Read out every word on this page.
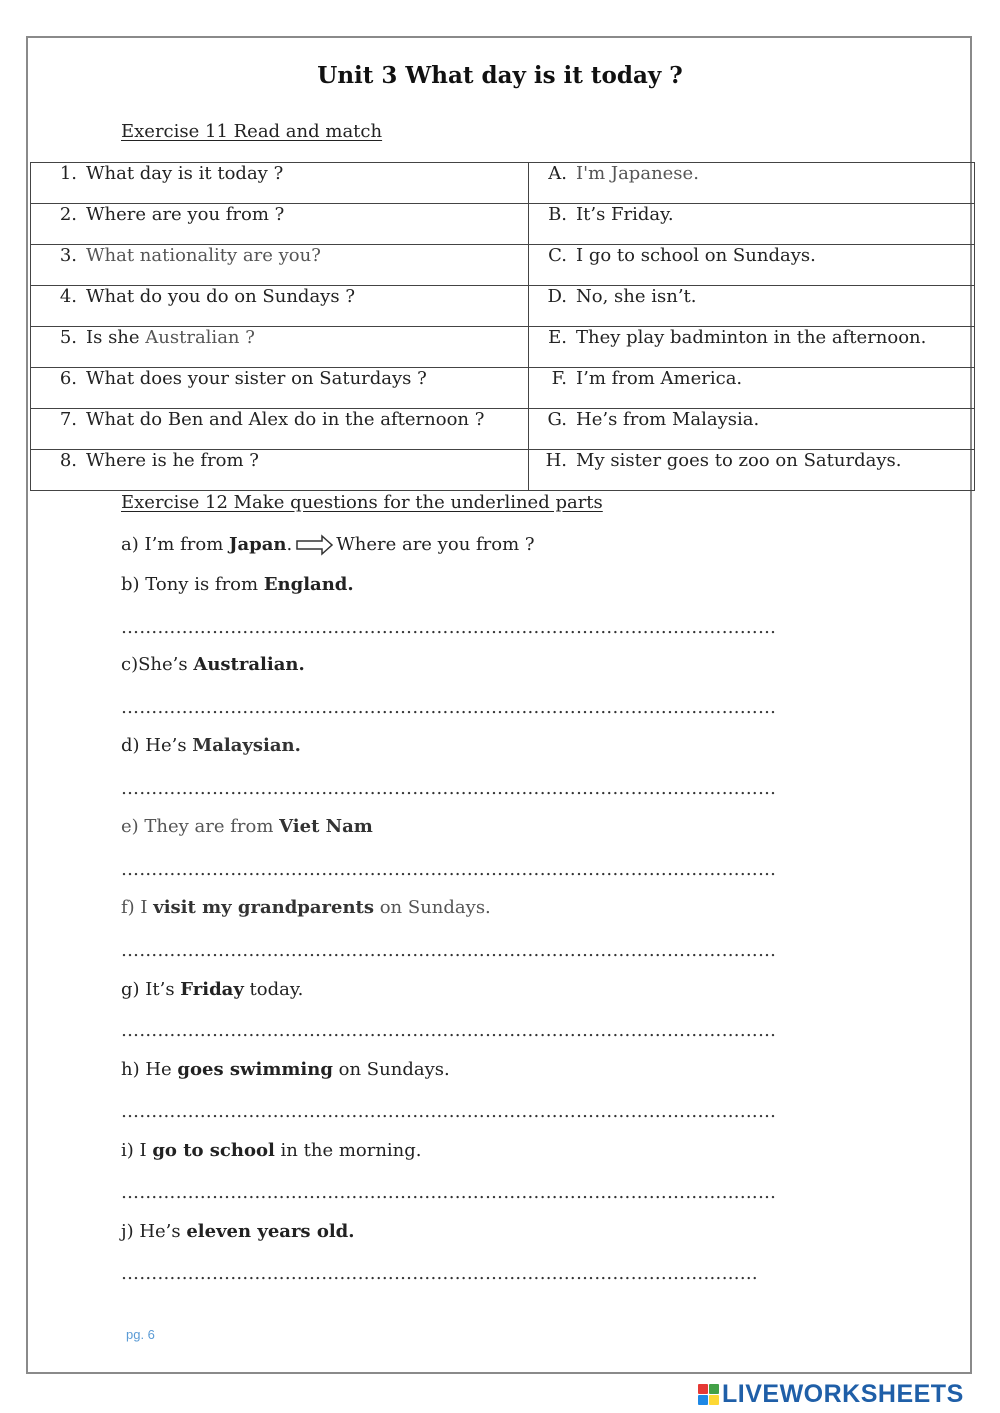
Unit 3 What day is it today ?
Exercise 11 Read and match
1. What day is it today ?	A. I'm Japanese.

2. Where are you from ?	B. It’s Friday.

3. What nationality are you?	C. I go to school on Sundays.

4. What do you do on Sundays ?	D. No, she isn’t.

5. Is she Australian ?	E. They play badminton in the afternoon.

6. What does your sister on Saturdays ?	F. I’m from America.

7. What do Ben and Alex do in the afternoon ?	G. He’s from Malaysia.

8. Where is he from ?	H. My sister goes to zoo on Saturdays.
Exercise 12 Make questions for the underlined parts
a) I’m from Japan. Where are you from ?
b) Tony is from England.
………………………………………………………………………………………………
c)She’s Australian.
………………………………………………………………………………………………
d) He’s Malaysian.
………………………………………………………………………………………………
e) They are from Viet Nam
………………………………………………………………………………………………
f) I visit my grandparents on Sundays.
………………………………………………………………………………………………
g) It’s Friday today.
………………………………………………………………………………………………
h) He goes swimming on Sundays.
………………………………………………………………………………………………
i) I go to school in the morning.
………………………………………………………………………………………………
j) He’s eleven years old.
……………………………………………………………………………………………
pg. 6
LIVEWORKSHEETS
